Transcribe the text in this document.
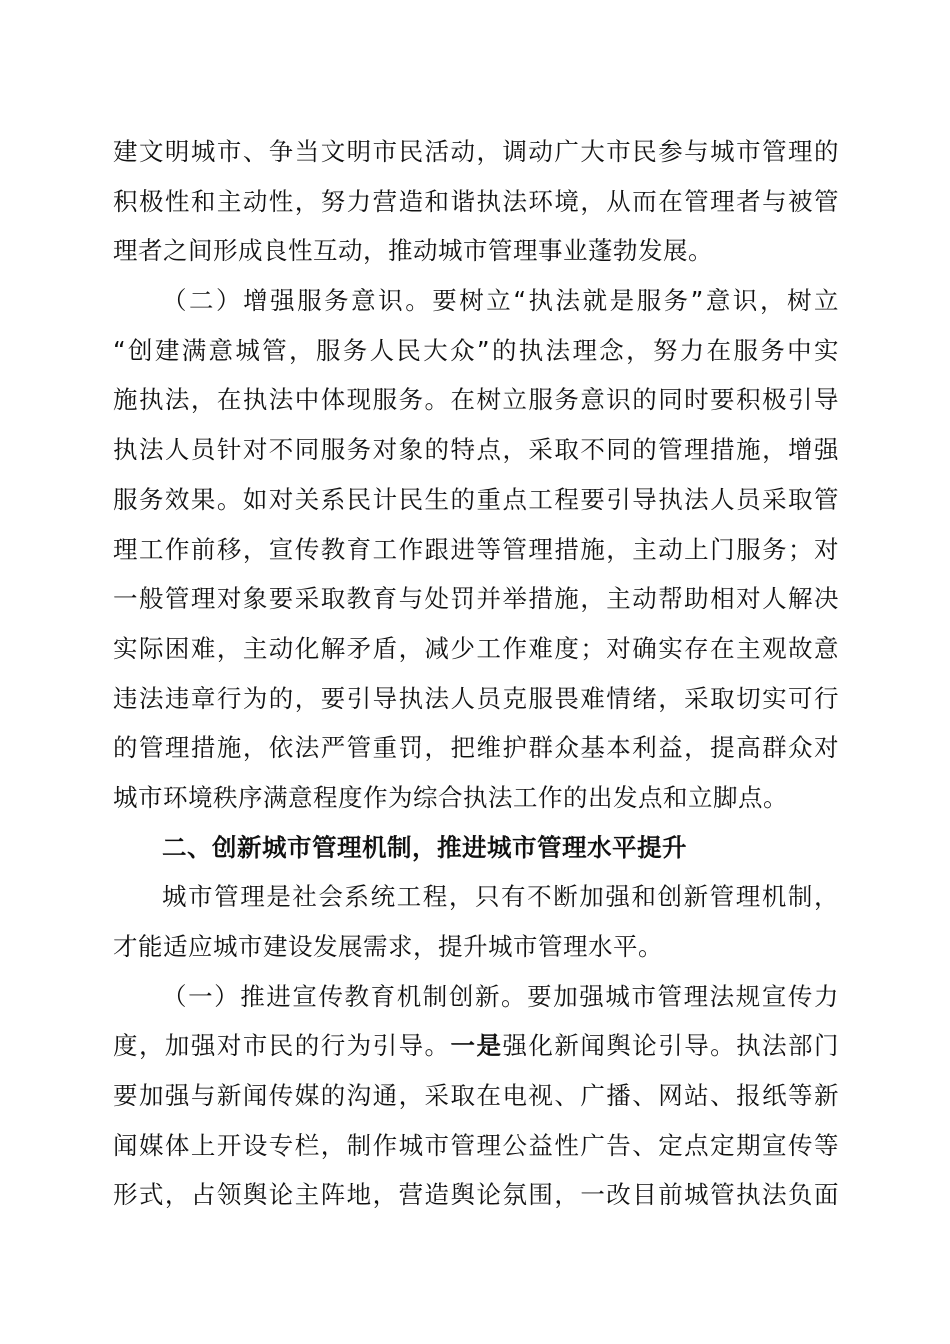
建文明城市、争当文明市民活动，调动广大市民参与城市管理的
积极性和主动性，努力营造和谐执法环境，从而在管理者与被管
理者之间形成良性互动，推动城市管理事业蓬勃发展。
（二）增强服务意识。要树立“执法就是服务”意识，树立
“创建满意城管，服务人民大众”的执法理念，努力在服务中实
施执法，在执法中体现服务。在树立服务意识的同时要积极引导
执法人员针对不同服务对象的特点，采取不同的管理措施，增强
服务效果。如对关系民计民生的重点工程要引导执法人员采取管
理工作前移，宣传教育工作跟进等管理措施，主动上门服务；对
一般管理对象要采取教育与处罚并举措施，主动帮助相对人解决
实际困难，主动化解矛盾，减少工作难度；对确实存在主观故意
违法违章行为的，要引导执法人员克服畏难情绪，采取切实可行
的管理措施，依法严管重罚，把维护群众基本利益，提高群众对
城市环境秩序满意程度作为综合执法工作的出发点和立脚点。
二、创新城市管理机制，推进城市管理水平提升
城市管理是社会系统工程，只有不断加强和创新管理机制，
才能适应城市建设发展需求，提升城市管理水平。
（一）推进宣传教育机制创新。要加强城市管理法规宣传力
度，加强对市民的行为引导。一是强化新闻舆论引导。执法部门
要加强与新闻传媒的沟通，采取在电视、广播、网站、报纸等新
闻媒体上开设专栏，制作城市管理公益性广告、定点定期宣传等
形式，占领舆论主阵地，营造舆论氛围，一改目前城管执法负面
